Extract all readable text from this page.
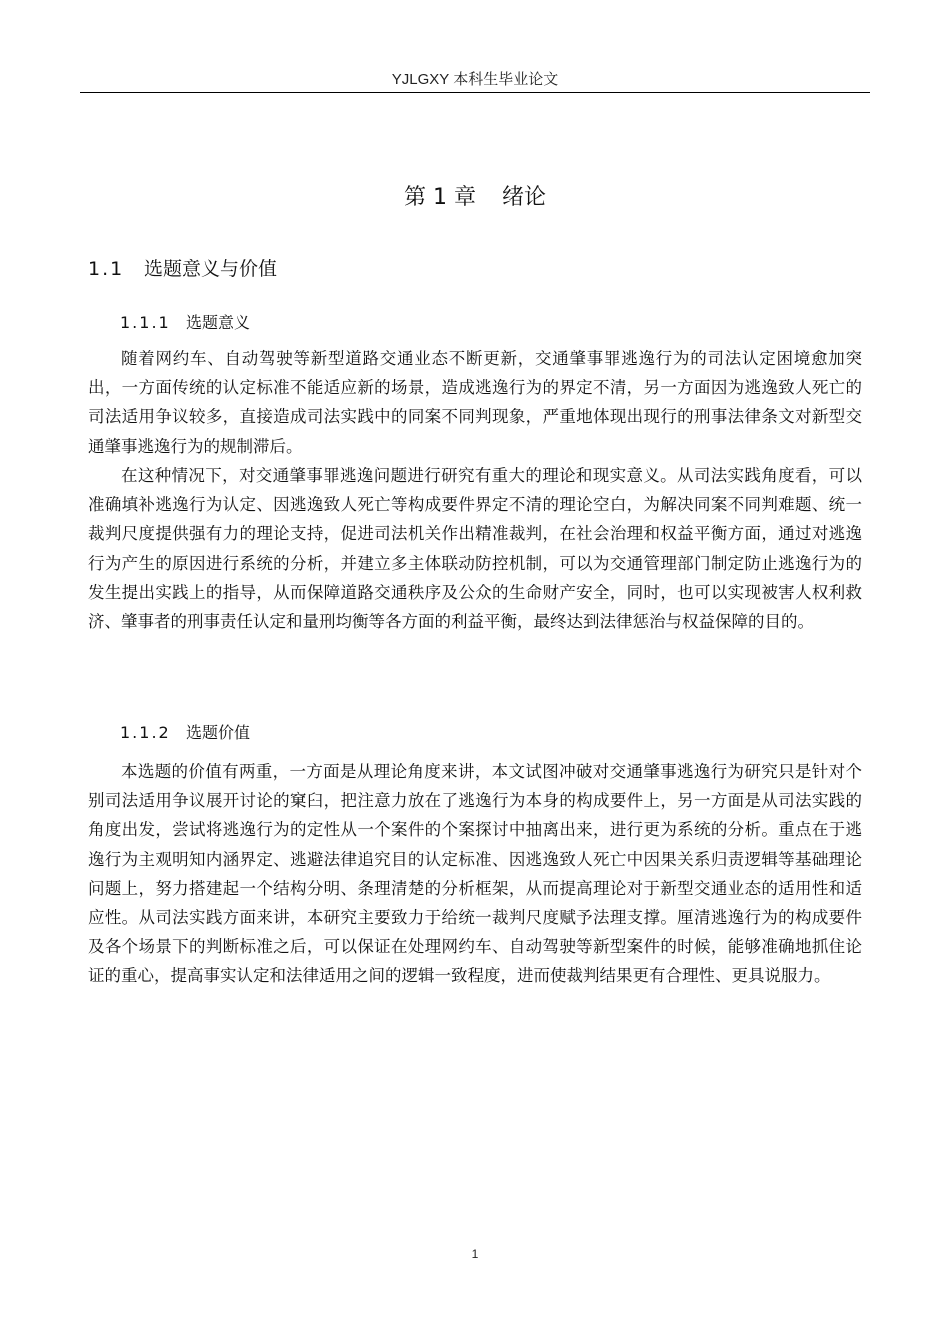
YJLGXY 本科生毕业论文
第 1 章 绪论
1.1 选题意义与价值
1.1.1 选题意义

随着网约车、自动驾驶等新型道路交通业态不断更新，交通肇事罪逃逸行为的司法认定困境愈加突出，一方面传统的认定标准不能适应新的场景，造成逃逸行为的界定不清，另一方面因为逃逸致人死亡的司法适用争议较多，直接造成司法实践中的同案不同判现象，严重地体现出现行的刑事法律条文对新型交通肇事逃逸行为的规制滞后。

在这种情况下，对交通肇事罪逃逸问题进行研究有重大的理论和现实意义。从司法实践角度看，可以准确填补逃逸行为认定、因逃逸致人死亡等构成要件界定不清的理论空白，为解决同案不同判难题、统一裁判尺度提供强有力的理论支持，促进司法机关作出精准裁判，在社会治理和权益平衡方面，通过对逃逸行为产生的原因进行系统的分析，并建立多主体联动防控机制，可以为交通管理部门制定防止逃逸行为的发生提出实践上的指导，从而保障道路交通秩序及公众的生命财产安全，同时，也可以实现被害人权利救济、肇事者的刑事责任认定和量刑均衡等各方面的利益平衡，最终达到法律惩治与权益保障的目的。

1.1.2 选题价值

本选题的价值有两重，一方面是从理论角度来讲，本文试图冲破对交通肇事逃逸行为研究只是针对个别司法适用争议展开讨论的窠臼，把注意力放在了逃逸行为本身的构成要件上，另一方面是从司法实践的角度出发，尝试将逃逸行为的定性从一个案件的个案探讨中抽离出来，进行更为系统的分析。重点在于逃逸行为主观明知内涵界定、逃避法律追究目的认定标准、因逃逸致人死亡中因果关系归责逻辑等基础理论问题上，努力搭建起一个结构分明、条理清楚的分析框架，从而提高理论对于新型交通业态的适用性和适应性。从司法实践方面来讲，本研究主要致力于给统一裁判尺度赋予法理支撑。厘清逃逸行为的构成要件及各个场景下的判断标准之后，可以保证在处理网约车、自动驾驶等新型案件的时候，能够准确地抓住论证的重心，提高事实认定和法律适用之间的逻辑一致程度，进而使裁判结果更有合理性、更具说服力。

1
